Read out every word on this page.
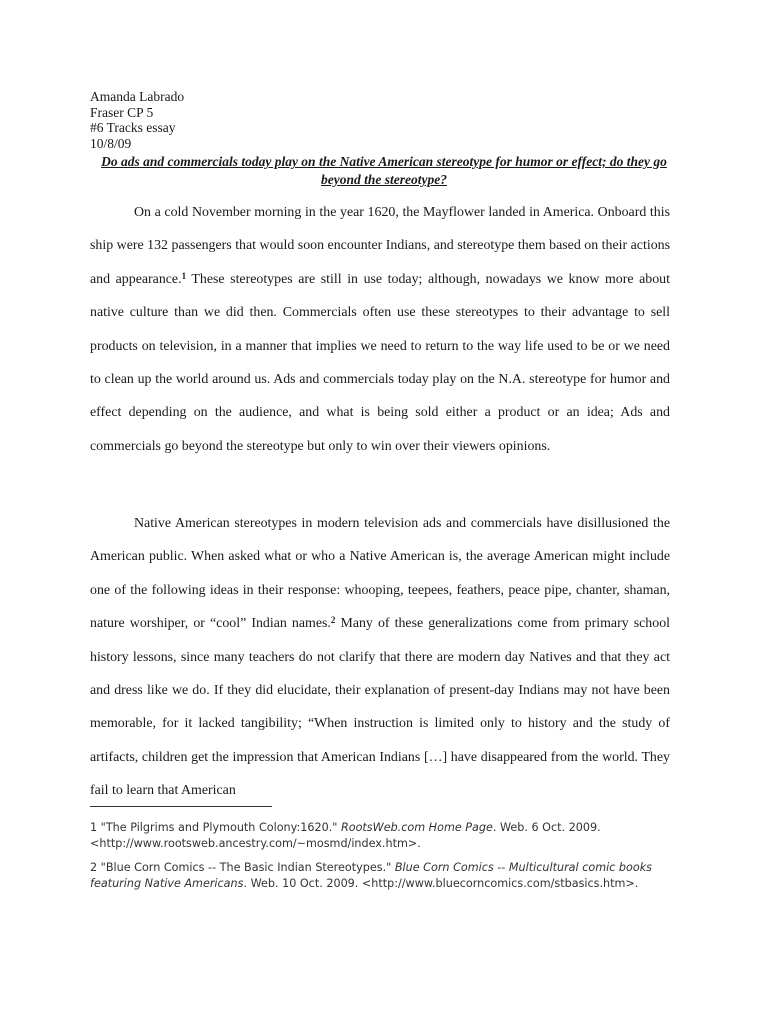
Amanda Labrado
Fraser CP 5
#6 Tracks essay
10/8/09
Do ads and commercials today play on the Native American stereotype for humor or effect; do they go beyond the stereotype?

On a cold November morning in the year 1620, the Mayflower landed in America. Onboard this ship were 132 passengers that would soon encounter Indians, and stereotype them based on their actions and appearance.$^1$ These stereotypes are still in use today; although, nowadays we know more about native culture than we did then. Commercials often use these stereotypes to their advantage to sell products on television, in a manner that implies we need to return to the way life used to be or we need to clean up the world around us. Ads and commercials today play on the N.A. stereotype for humor and effect depending on the audience, and what is being sold either a product or an idea; Ads and commercials go beyond the stereotype but only to win over their viewers opinions.

Native American stereotypes in modern television ads and commercials have disillusioned the American public. When asked what or who a Native American is, the average American might include one of the following ideas in their response: whooping, teepees, feathers, peace pipe, chanter, shaman, nature worshiper, or “cool” Indian names.$^2$ Many of these generalizations come from primary school history lessons, since many teachers do not clarify that there are modern day Natives and that they act and dress like we do. If they did elucidate, their explanation of present-day Indians may not have been memorable, for it lacked tangibility; “When instruction is limited only to history and the study of artifacts, children get the impression that American Indians […] have disappeared from the world. They fail to learn that American

1 "The Pilgrims and Plymouth Colony:1620." RootsWeb.com Home Page. Web. 6 Oct. 2009. <http://www.rootsweb.ancestry.com/~mosmd/index.htm>.
2 "Blue Corn Comics -- The Basic Indian Stereotypes." Blue Corn Comics -- Multicultural comic books featuring Native Americans. Web. 10 Oct. 2009. <http://www.bluecorncomics.com/stbasics.htm>.
